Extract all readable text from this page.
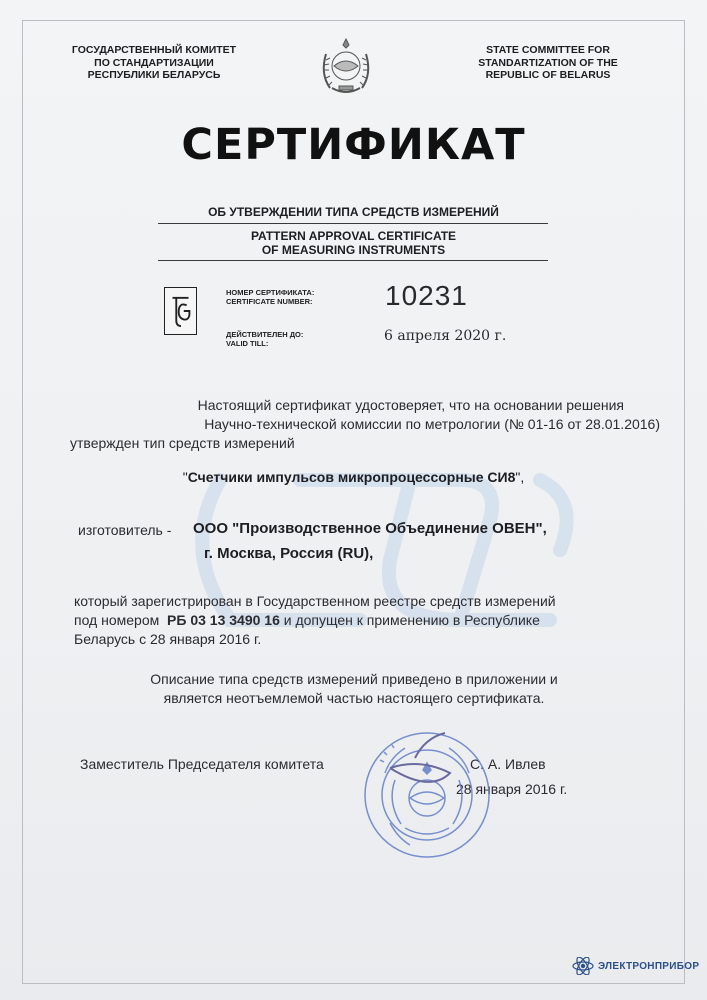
ГОСУДАРСТВЕННЫЙ КОМИТЕТ
ПО СТАНДАРТИЗАЦИИ
РЕСПУБЛИКИ БЕЛАРУСЬ
STATE COMMITTEE FOR
STANDARTIZATION OF THE
REPUBLIC OF BELARUS
СЕРТИФИКАТ
ОБ УТВЕРЖДЕНИИ ТИПА СРЕДСТВ ИЗМЕРЕНИЙ
PATTERN APPROVAL CERTIFICATE
OF MEASURING INSTRUMENTS
НОМЕР СЕРТИФИКАТА:
CERTIFICATE NUMBER:	10231
ДЕЙСТВИТЕЛЕН ДО:
VALID TILL:	6 апреля 2020 г.
Настоящий сертификат удостоверяет, что на основании решения
Научно-технической комиссии по метрологии (№ 01-16 от 28.01.2016)
утвержден тип средств измерений
"Счетчики импульсов микропроцессорные СИ8",
изготовитель - ООО "Производственное Объединение ОВЕН",
г. Москва, Россия (RU),
который зарегистрирован в Государственном реестре средств измерений
под номером РБ 03 13 3490 16 и допущен к применению в Республике
Беларусь с 28 января 2016 г.
Описание типа средств измерений приведено в приложении и
является неотъемлемой частью настоящего сертификата.
Заместитель Председателя комитета	С. А. Ивлев
28 января 2016 г.
ЭЛЕКТРОНПРИБОР
